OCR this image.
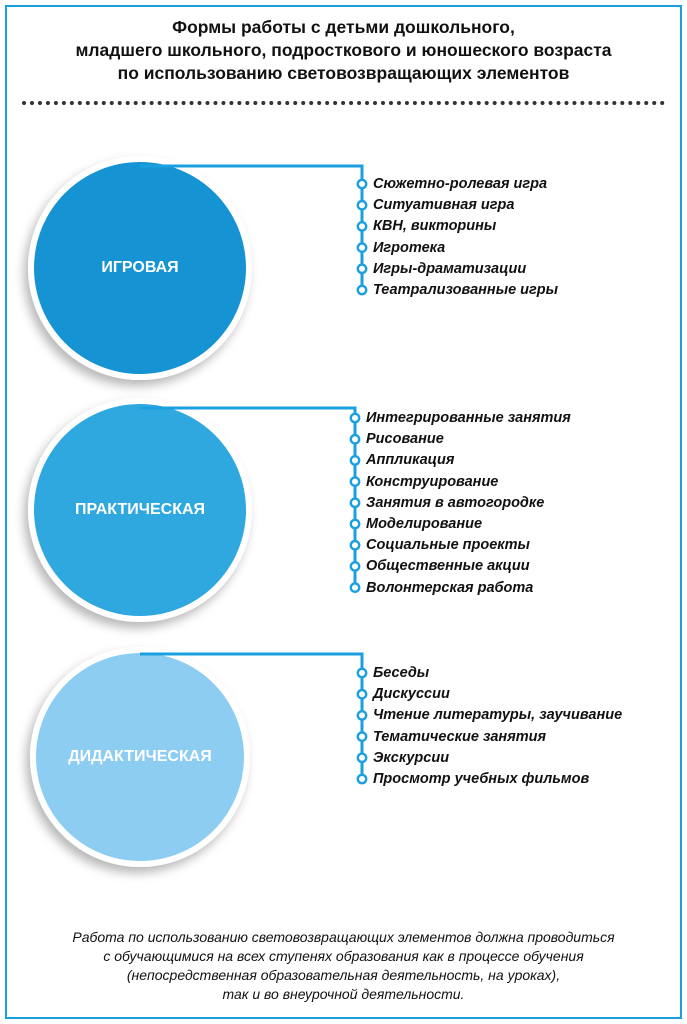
Формы работы с детьми дошкольного,
младшего школьного, подросткового и юношеского возраста
по использованию световозвращающих элементов
Сюжетно-ролевая игра
Ситуативная игра
КВН, викторины
Игротека
Игры-драматизации
Театрализованные игры
ИГРОВАЯ
Интегрированные занятия
Рисование
Аппликация
Конструирование
Занятия в автогородке
Моделирование
Социальные проекты
Общественные акции
Волонтерская работа
ПРАКТИЧЕСКАЯ
Беседы
Дискуссии
Чтение литературы, заучивание
Тематические занятия
Экскурсии
Просмотр учебных фильмов
ДИДАКТИЧЕСКАЯ
Работа по использованию световозвращающих элементов должна проводиться
с обучающимися на всех ступенях образования как в процессе обучения
(непосредственная образовательная деятельность, на уроках),
так и во внеурочной деятельности.
